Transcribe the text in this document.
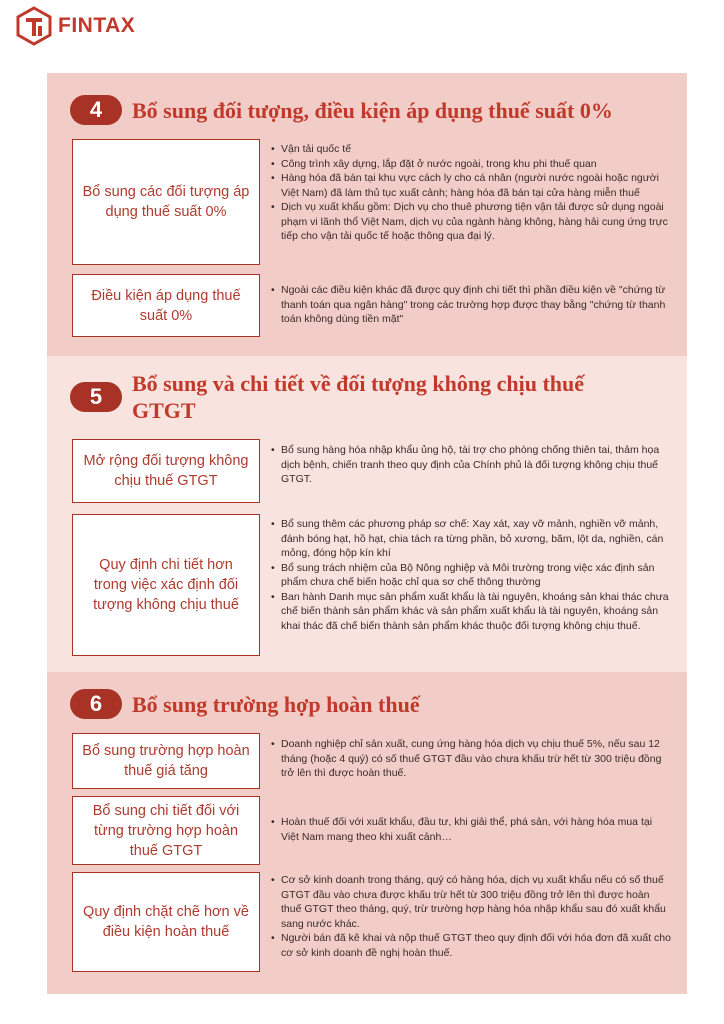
FINTAX
4	Bổ sung đối tượng, điều kiện áp dụng thuế suất 0%
Bổ sung các đối tượng áp dụng thuế suất 0%
• Vận tải quốc tế
• Công trình xây dựng, lắp đặt ở nước ngoài, trong khu phi thuế quan
• Hàng hóa đã bán tại khu vực cách ly cho cá nhân (người nước ngoài hoặc người Việt Nam) đã làm thủ tục xuất cảnh; hàng hóa đã bán tại cửa hàng miễn thuế
• Dịch vụ xuất khẩu gồm: Dịch vụ cho thuê phương tiện vận tải được sử dụng ngoài phạm vi lãnh thổ Việt Nam, dịch vụ của ngành hàng không, hàng hải cung ứng trực tiếp cho vận tải quốc tế hoặc thông qua đại lý.
Điều kiện áp dụng thuế suất 0%
• Ngoài các điều kiện khác đã được quy định chi tiết thì phần điều kiện về "chứng từ thanh toán qua ngân hàng" trong các trường hợp được thay bằng "chứng từ thanh toán không dùng tiền mặt"
5
Bổ sung và chi tiết về đối tượng không chịu thuế GTGT
Mở rộng đối tượng không chịu thuế GTGT
• Bổ sung hàng hóa nhập khẩu ủng hộ, tài trợ cho phòng chống thiên tai, thảm họa dịch bệnh, chiến tranh theo quy định của Chính phủ là đối tượng không chịu thuế GTGT.
Quy định chi tiết hơn trong việc xác định đối tượng không chịu thuế
• Bổ sung thêm các phương pháp sơ chế: Xay xát, xay vỡ mảnh, nghiền vỡ mảnh, đánh bóng hạt, hồ hạt, chia tách ra từng phần, bỏ xương, băm, lột da, nghiền, cán mỏng, đóng hộp kín khí
• Bổ sung trách nhiệm của Bộ Nông nghiệp và Môi trường trong việc xác định sản phẩm chưa chế biến hoặc chỉ qua sơ chế thông thường
• Ban hành Danh mục sản phẩm xuất khẩu là tài nguyên, khoáng sản khai thác chưa chế biến thành sản phẩm khác và sản phẩm xuất khẩu là tài nguyên, khoáng sản khai thác đã chế biến thành sản phẩm khác thuộc đối tượng không chịu thuế.
6	Bổ sung trường hợp hoàn thuế
Bổ sung trường hợp hoàn thuế giá tăng
• Doanh nghiệp chỉ sản xuất, cung ứng hàng hóa dịch vụ chịu thuế 5%, nếu sau 12 tháng (hoặc 4 quý) có số thuế GTGT đầu vào chưa khấu trừ hết từ 300 triệu đồng trở lên thì được hoàn thuế.
Bổ sung chi tiết đối với từng trường hợp hoàn thuế GTGT
• Hoàn thuế đối với xuất khẩu, đầu tư, khi giải thể, phá sản, với hàng hóa mua tại Việt Nam mang theo khi xuất cảnh…
Quy định chặt chẽ hơn về điều kiện hoàn thuế
• Cơ sở kinh doanh trong tháng, quý có hàng hóa, dịch vụ xuất khẩu nếu có số thuế GTGT đầu vào chưa được khấu trừ hết từ 300 triệu đồng trở lên thì được hoàn thuế GTGT theo tháng, quý, trừ trường hợp hàng hóa nhập khẩu sau đó xuất khẩu sang nước khác.
• Người bán đã kê khai và nộp thuế GTGT theo quy định đối với hóa đơn đã xuất cho cơ sở kinh doanh đề nghị hoàn thuế.
